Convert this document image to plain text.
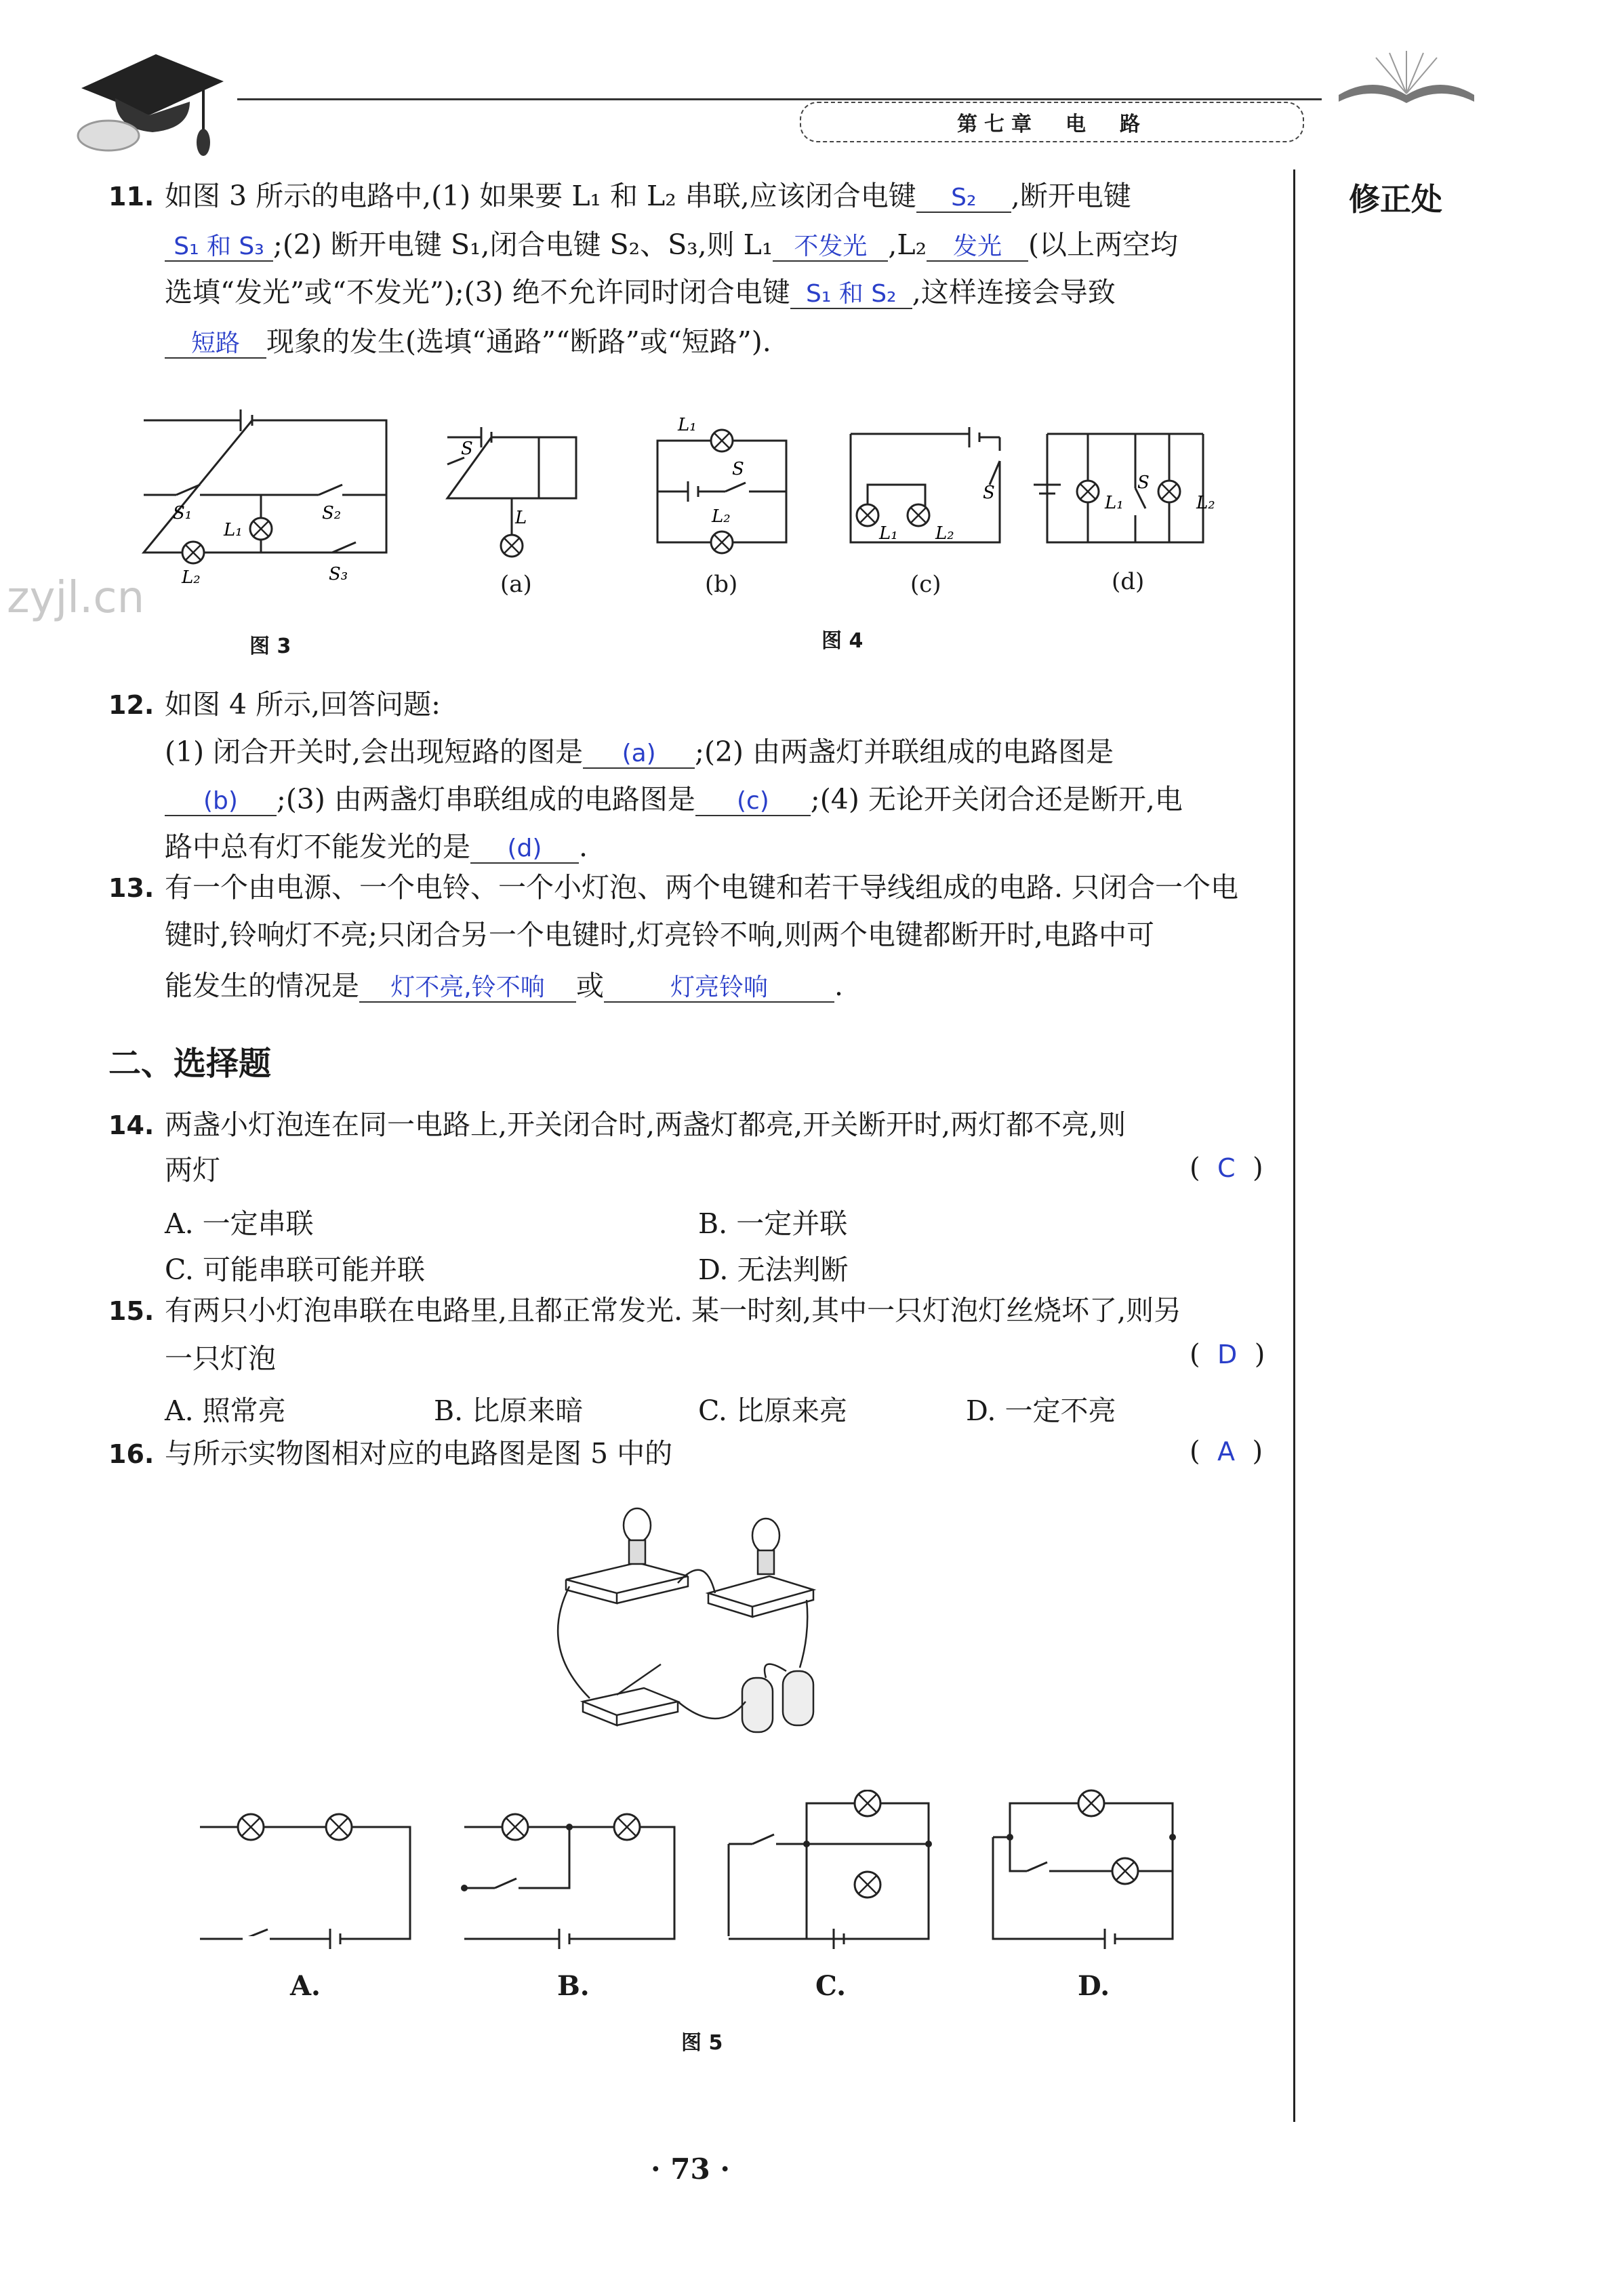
第七章　电　路
修正处
zyjl.cn
11. 如图 3 所示的电路中,(1) 如果要 L₁ 和 L₂ 串联,应该闭合电键 S₂ ,断开电键
S₁ 和 S₃ ;(2) 断开电键 S₁,闭合电键 S₂、S₃,则 L₁ 不发光 ,L₂ 发光 (以上两空均
选填“发光”或“不发光”);(3) 绝不允许同时闭合电键 S₁ 和 S₂ ,这样连接会导致
短路 现象的发生(选填“通路”“断路”或“短路”).
S₁	S₂
S₃
L₁
L₂
图 3
S
L
L₁
S
L₂
L₁ L₂
S	L₁
S
L₂
(a)	(b)	(c)	(d)
图 4
12. 如图 4 所示,回答问题:
(1) 闭合开关时,会出现短路的图是 (a) ;(2) 由两盏灯并联组成的电路图是
(b) ;(3) 由两盏灯串联组成的电路图是 (c) ;(4) 无论开关闭合还是断开,电
路中总有灯不能发光的是 (d) .
13. 有一个由电源、一个电铃、一个小灯泡、两个电键和若干导线组成的电路. 只闭合一个电
键时,铃响灯不亮;只闭合另一个电键时,灯亮铃不响,则两个电键都断开时,电路中可
能发生的情况是 灯不亮,铃不响 或	灯亮铃响 .
二、选择题
14. 两盏小灯泡连在同一电路上,开关闭合时,两盏灯都亮,开关断开时,两灯都不亮,则
两灯	(  C  )
A. 一定串联	B. 一定并联
C. 可能串联可能并联	D. 无法判断
15. 有两只小灯泡串联在电路里,且都正常发光. 某一时刻,其中一只灯泡灯丝烧坏了,则另
一只灯泡	(  D  )
A. 照常亮	B. 比原来暗	C. 比原来亮	D. 一定不亮
16. 与所示实物图相对应的电路图是图 5 中的	(  A  )
A.	B.	C.	D.
图 5
· 73 ·
